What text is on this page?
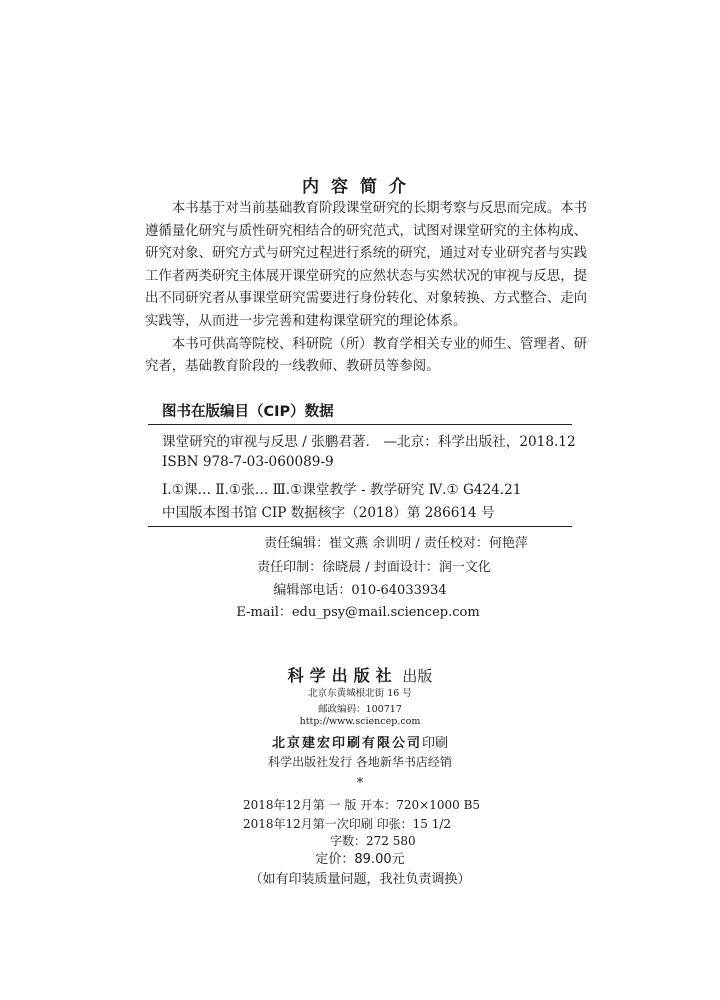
内容简介

本书基于对当前基础教育阶段课堂研究的长期考察与反思而完成。本书遵循量化研究与质性研究相结合的研究范式，试图对课堂研究的主体构成、研究对象、研究方式与研究过程进行系统的研究，通过对专业研究者与实践工作者两类研究主体展开课堂研究的应然状态与实然状况的审视与反思，提出不同研究者从事课堂研究需要进行身份转化、对象转换、方式整合、走向实践等，从而进一步完善和建构课堂研究的理论体系。

本书可供高等院校、科研院（所）教育学相关专业的师生、管理者、研究者，基础教育阶段的一线教师、教研员等参阅。

图书在版编目（CIP）数据
课堂研究的审视与反思 / 张鹏君著． —北京：科学出版社，2018.12
ISBN 978-7-03-060089-9
Ⅰ.①课… Ⅱ.①张… Ⅲ.①课堂教学 - 教学研究 Ⅳ.① G424.21
中国版本图书馆 CIP 数据核字（2018）第 286614 号
责任编辑：崔文燕 余训明 / 责任校对：何艳萍
责任印制：徐晓晨 / 封面设计：润一文化
编辑部电话：010-64033934
E-mail：edu_psy@mail.sciencep.com
科学出版社 出版
北京东黄城根北街 16 号
邮政编码：100717
http://www.sciencep.com
北京建宏印刷有限公司印刷
科学出版社发行 各地新华书店经销
*
2018年12月第 一 版 开本：720×1000 B5
2018年12月第一次印刷 印张：15 1/2
字数：272 580
定价：89.00元
（如有印装质量问题，我社负责调换）
